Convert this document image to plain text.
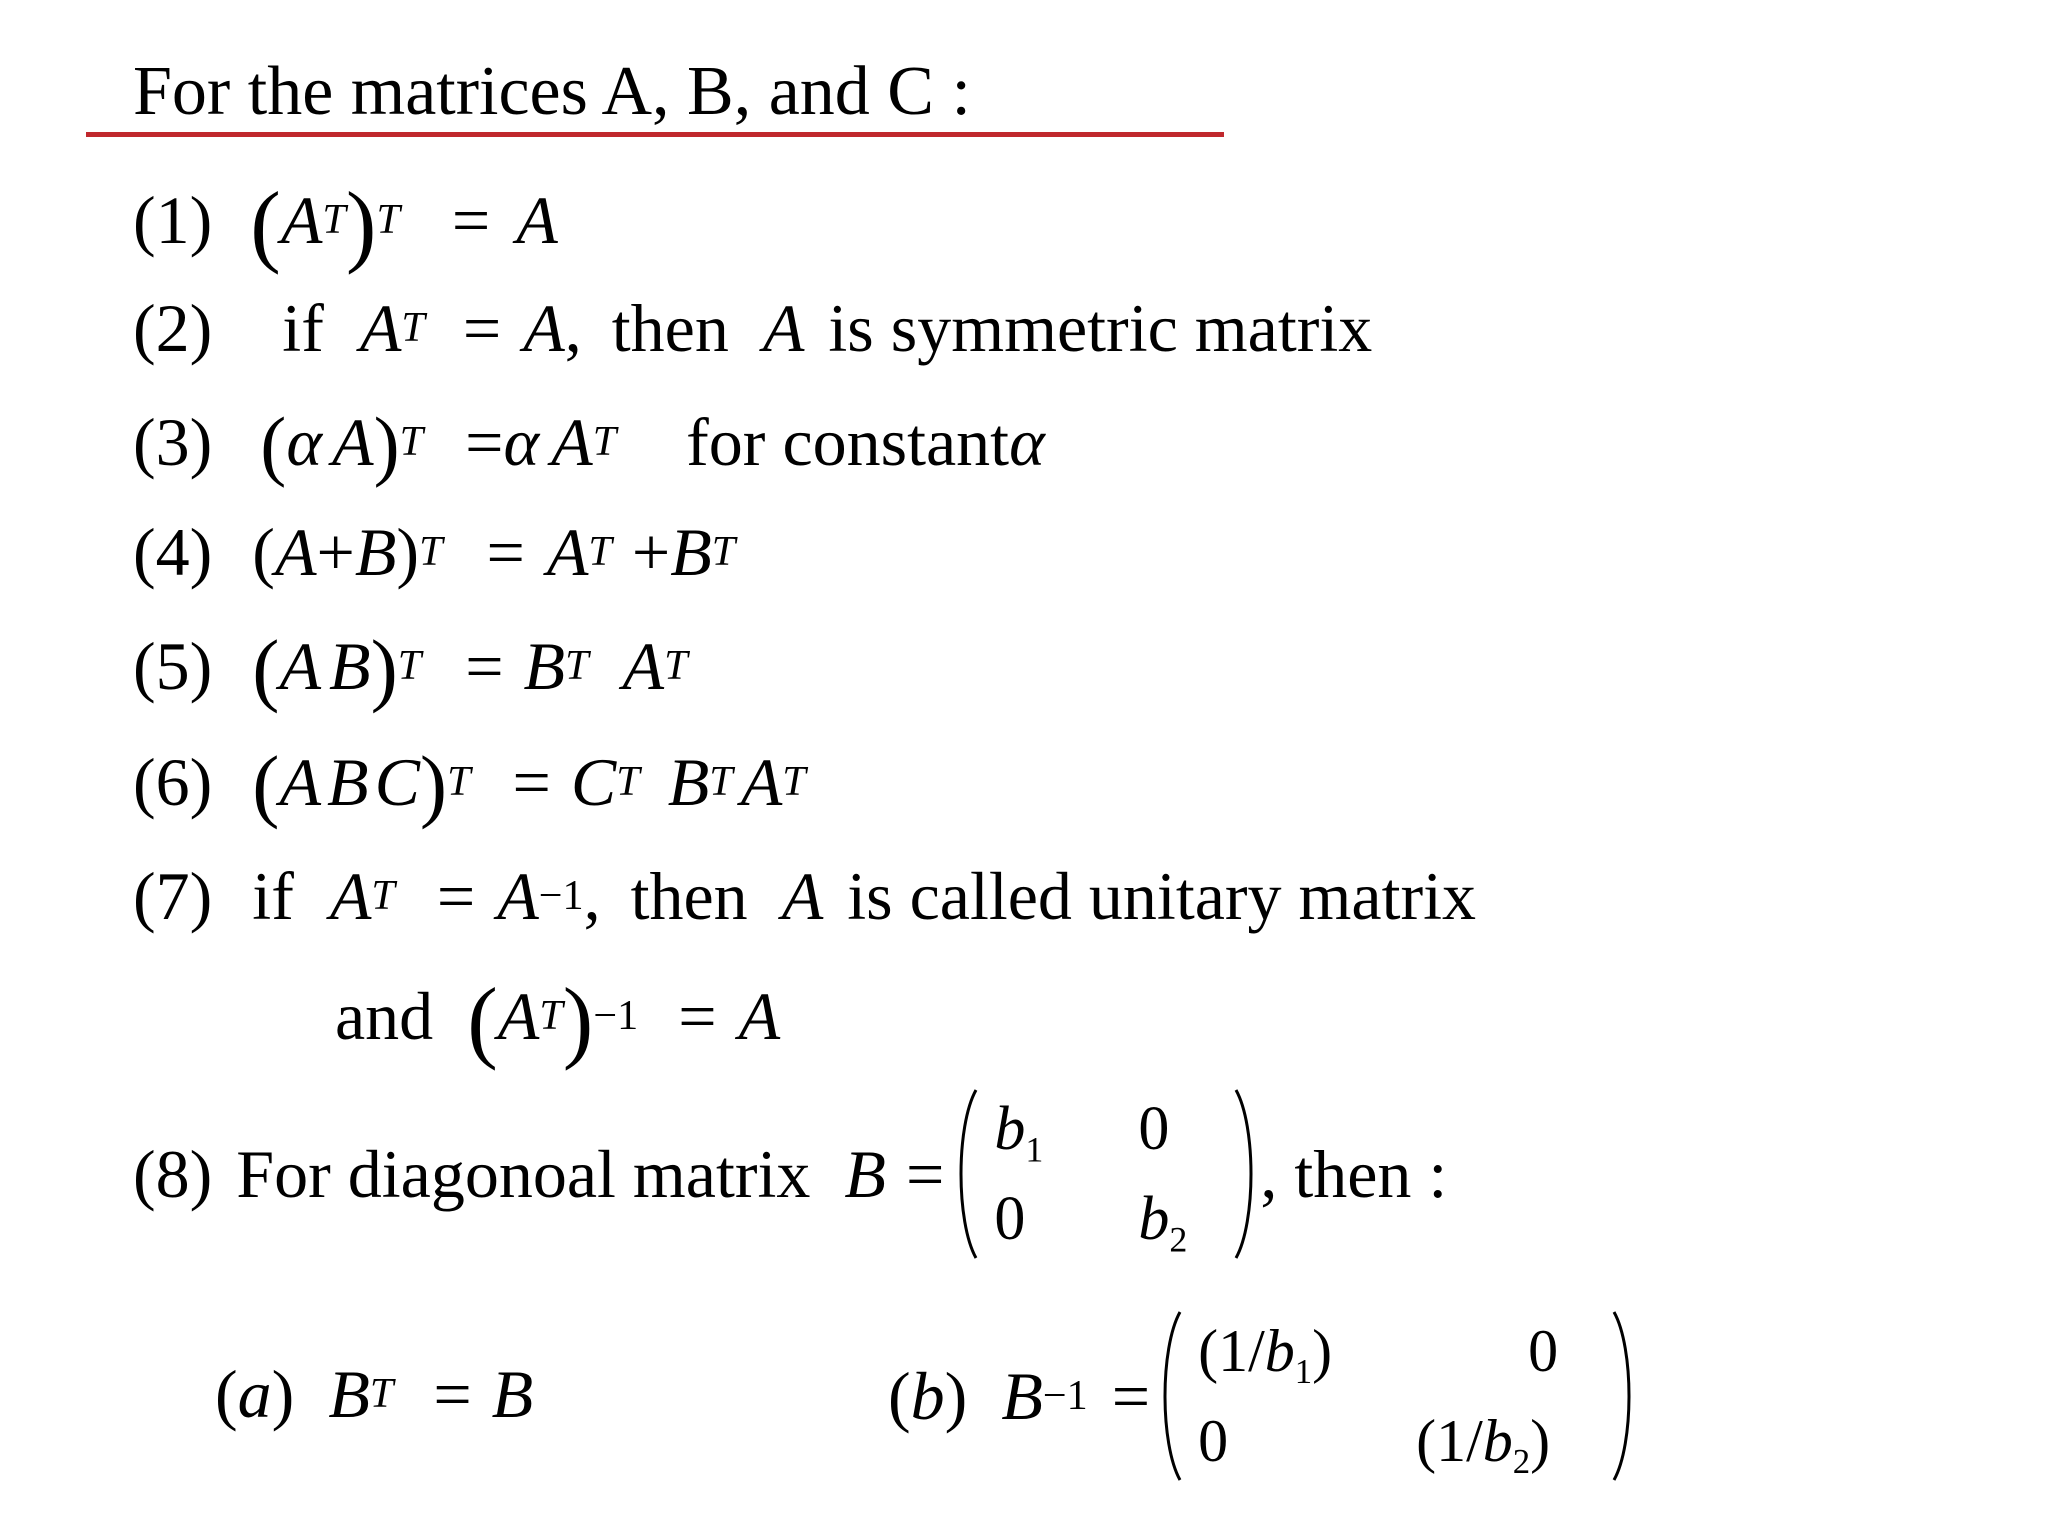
For the matrices A, B, and C :
(1) ( A T ) T = A
(2) if A T = A , then A is symmetric matrix
(3) ( α A ) T = α A T for constant α
(4) ( A + B ) T = A T + B T
(5) ( A B ) T = B T A T
(6) ( A B C ) T = C T B T A T
(7) if A T = A −1 , then A is called unitary matrix
and ( A T ) −1 = A
(8) For diagonoal matrix B =
$b_1$	0
0	$b_2$
, then :
( a ) B T = B	( b ) B −1 =
$(1/b_1)$	0
0	$(1/b_2)$
